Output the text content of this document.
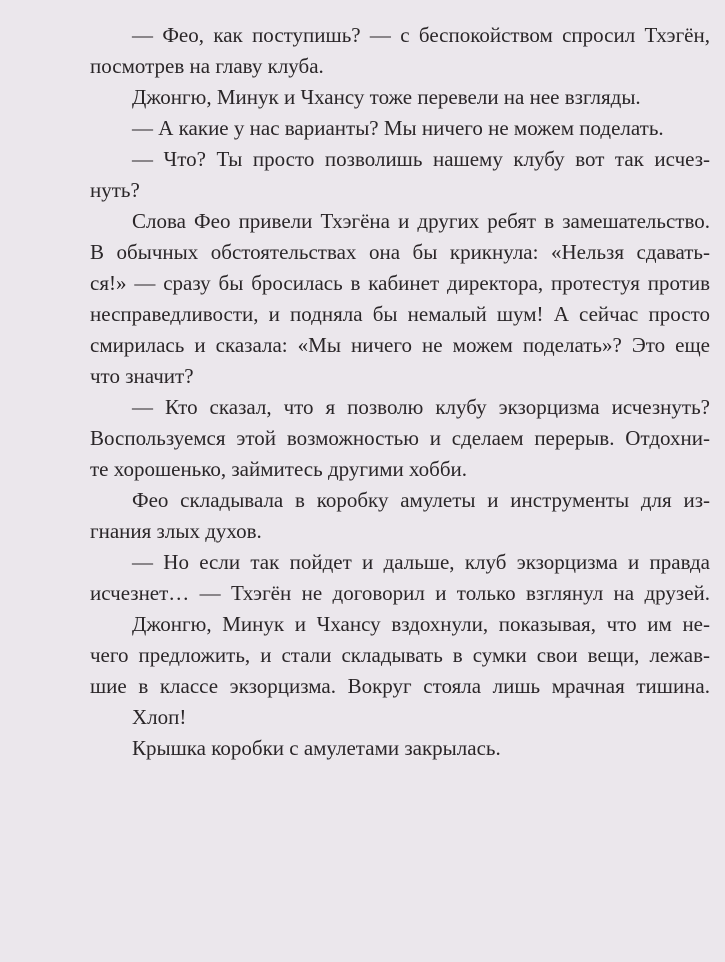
— Фео, как поступишь? — с беспокойством спросил Тхэгён,
посмотрев на главу клуба.
Джонгю, Минук и Чхансу тоже перевели на нее взгляды.
— А какие у нас варианты? Мы ничего не можем поделать.
— Что? Ты просто позволишь нашему клубу вот так исчез-
нуть?
Слова Фео привели Тхэгёна и других ребят в замешательство.
В обычных обстоятельствах она бы крикнула: «Нельзя сдавать-
ся!» — сразу бы бросилась в кабинет директора, протестуя против
несправедливости, и подняла бы немалый шум! А сейчас просто
смирилась и сказала: «Мы ничего не можем поделать»? Это еще
что значит?
— Кто сказал, что я позволю клубу экзорцизма исчезнуть?
Воспользуемся этой возможностью и сделаем перерыв. Отдохни-
те хорошенько, займитесь другими хобби.
Фео складывала в коробку амулеты и инструменты для из-
гнания злых духов.
— Но если так пойдет и дальше, клуб экзорцизма и правда
исчезнет… — Тхэгён не договорил и только взглянул на друзей.
Джонгю, Минук и Чхансу вздохнули, показывая, что им не-
чего предложить, и стали складывать в сумки свои вещи, лежав-
шие в классе экзорцизма. Вокруг стояла лишь мрачная тишина.
Хлоп!
Крышка коробки с амулетами закрылась.
